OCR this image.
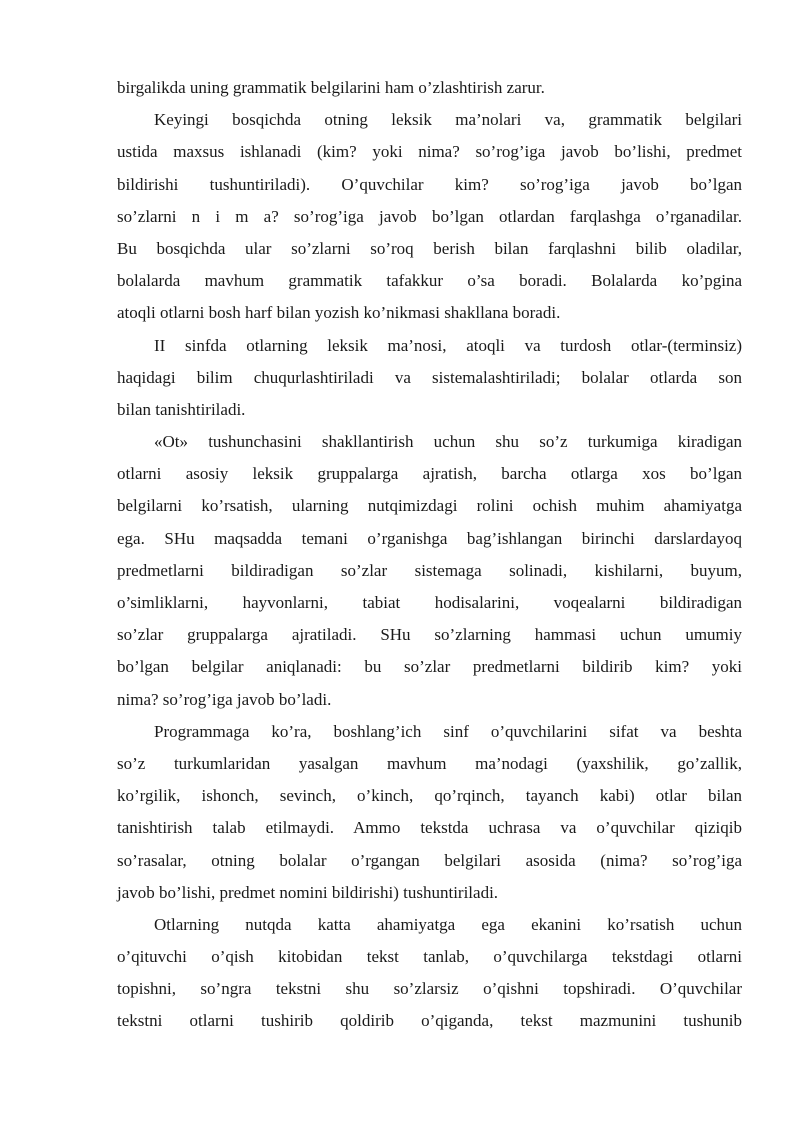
birgalikda uning grammatik belgilarini ham o’zlashtirish zarur.
Keyingi bosqichda otning leksik ma’nolari va, grammatik belgilari
ustida maxsus ishlanadi (kim? yoki nima? so’rog’iga javob bo’lishi, predmet
bildirishi tushuntiriladi). O’quvchilar kim? so’rog’iga javob bo’lgan
so’zlarni n i m a? so’rog’iga javob bo’lgan otlardan farqlashga o’rganadilar.
Bu bosqichda ular so’zlarni so’roq berish bilan farqlashni bilib oladilar,
bolalarda mavhum grammatik tafakkur o’sa boradi. Bolalarda ko’pgina
atoqli otlarni bosh harf bilan yozish ko’nikmasi shakllana boradi.
II sinfda otlarning leksik ma’nosi, atoqli va turdosh otlar-(terminsiz)
haqidagi bilim chuqurlashtiriladi va sistemalashtiriladi; bolalar otlarda son
bilan tanishtiriladi.
«Ot» tushunchasini shakllantirish uchun shu so’z turkumiga kiradigan
otlarni asosiy leksik gruppalarga ajratish, barcha otlarga xos bo’lgan
belgilarni ko’rsatish, ularning nutqimizdagi rolini ochish muhim ahamiyatga
ega. SHu maqsadda temani o’rganishga bag’ishlangan birinchi darslardayoq
predmetlarni bildiradigan so’zlar sistemaga solinadi, kishilarni, buyum,
o’simliklarni, hayvonlarni, tabiat hodisalarini, voqealarni bildiradigan
so’zlar gruppalarga ajratiladi. SHu so’zlarning hammasi uchun umumiy
bo’lgan belgilar aniqlanadi: bu so’zlar predmetlarni bildirib kim? yoki
nima? so’rog’iga javob bo’ladi.
Programmaga ko’ra, boshlang’ich sinf o’quvchilarini sifat va beshta
so’z turkumlaridan yasalgan mavhum ma’nodagi (yaxshilik, go’zallik,
ko’rgilik, ishonch, sevinch, o’kinch, qo’rqinch, tayanch kabi) otlar bilan
tanishtirish talab etilmaydi. Ammo tekstda uchrasa va o’quvchilar qiziqib
so’rasalar, otning bolalar o’rgangan belgilari asosida (nima? so’rog’iga
javob bo’lishi, predmet nomini bildirishi) tushuntiriladi.
Otlarning nutqda katta ahamiyatga ega ekanini ko’rsatish uchun
o’qituvchi o’qish kitobidan tekst tanlab, o’quvchilarga tekstdagi otlarni
topishni, so’ngra tekstni shu so’zlarsiz o’qishni topshiradi. O’quvchilar
tekstni otlarni tushirib qoldirib o’qiganda, tekst mazmunini tushunib
